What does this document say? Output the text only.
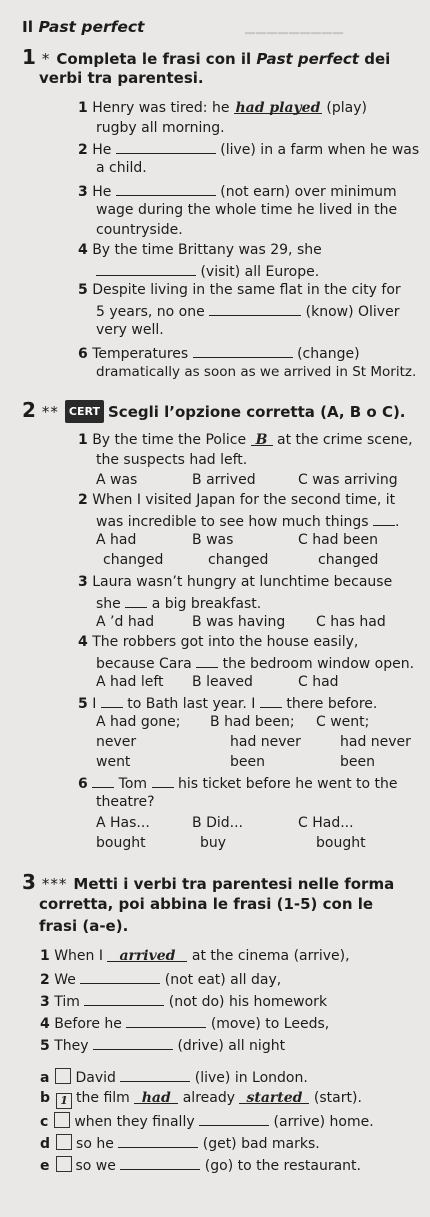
▁▁▁▁▁▁▁▁▁
Il Past perfect
1 * Completa le frasi con il Past perfect dei
verbi tra parentesi.
1 Henry was tired: he had played (play)
rugby all morning.
2 He	(live) in a farm when he was
a child.
3 He	(not earn) over minimum
wage during the whole time he lived in the
countryside.
4 By the time Brittany was 29, she
(visit) all Europe.
5 Despite living in the same flat in the city for
5 years, no one	(know) Oliver
very well.
6 Temperatures	(change)
dramatically as soon as we arrived in St Moritz.
2 ** CERT Scegli l’opzione corretta (A, B o C).
1 By the time the Police B at the crime scene,
the suspects had left.
A was	B arrived	C was arriving
2 When I visited Japan for the second time, it
was incredible to see how much things .
A had	B was	C had been
changed	changed	changed
3 Laura wasn’t hungry at lunchtime because
she a big breakfast.
A ’d had	B was having C has had
4 The robbers got into the house easily,
because Cara the bedroom window open.
A had left B leaved	C had
5 I to Bath last year. I there before.
A had gone; B had been; C went;
never	had never	had never
went	been	been
6 Tom his ticket before he went to the
theatre?
A Has...	B Did...	C Had...
bought	buy	bought
3 *** Metti i verbi tra parentesi nelle forma
corretta, poi abbina le frasi (1-5) con le
frasi (a-e).
1 When I arrived at the cinema (arrive),
2 We	(not eat) all day,
3 Tim	(not do) his homework
4 Before he	(move) to Leeds,
5 They	(drive) all night
a David	(live) in London.
b 1 the film had already started (start).
c when they finally	(arrive) home.
d so he	(get) bad marks.
e so we	(go) to the restaurant.
